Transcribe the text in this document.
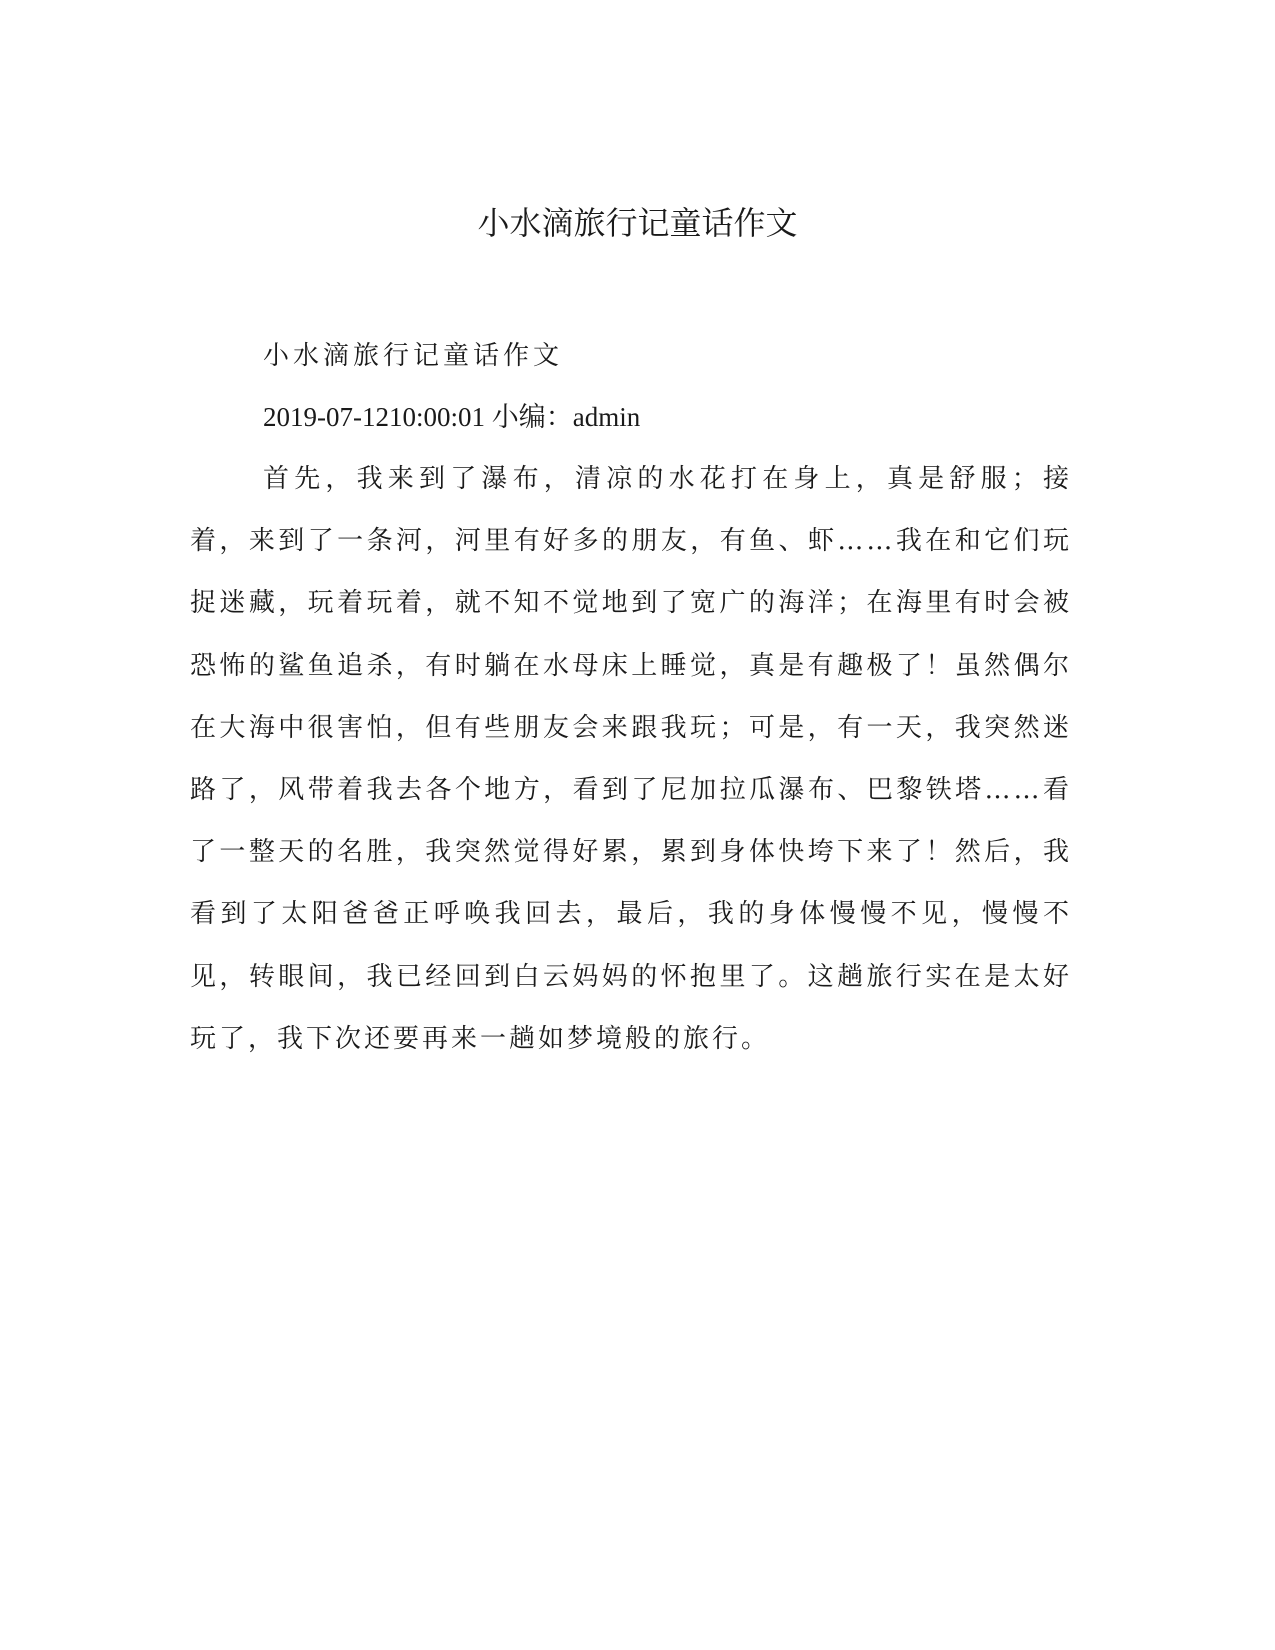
小水滴旅行记童话作文

小水滴旅行记童话作文

2019-07-1210:00:01 小编：admin

首先，我来到了瀑布，清凉的水花打在身上，真是舒服；接着，来到了一条河，河里有好多的朋友，有鱼、虾……我在和它们玩捉迷藏，玩着玩着，就不知不觉地到了宽广的海洋；在海里有时会被恐怖的鲨鱼追杀，有时躺在水母床上睡觉，真是有趣极了！虽然偶尔在大海中很害怕，但有些朋友会来跟我玩；可是，有一天，我突然迷路了，风带着我去各个地方，看到了尼加拉瓜瀑布、巴黎铁塔……看了一整天的名胜，我突然觉得好累，累到身体快垮下来了！然后，我看到了太阳爸爸正呼唤我回去，最后，我的身体慢慢不见，慢慢不见，转眼间，我已经回到白云妈妈的怀抱里了。这趟旅行实在是太好玩了，我下次还要再来一趟如梦境般的旅行。
